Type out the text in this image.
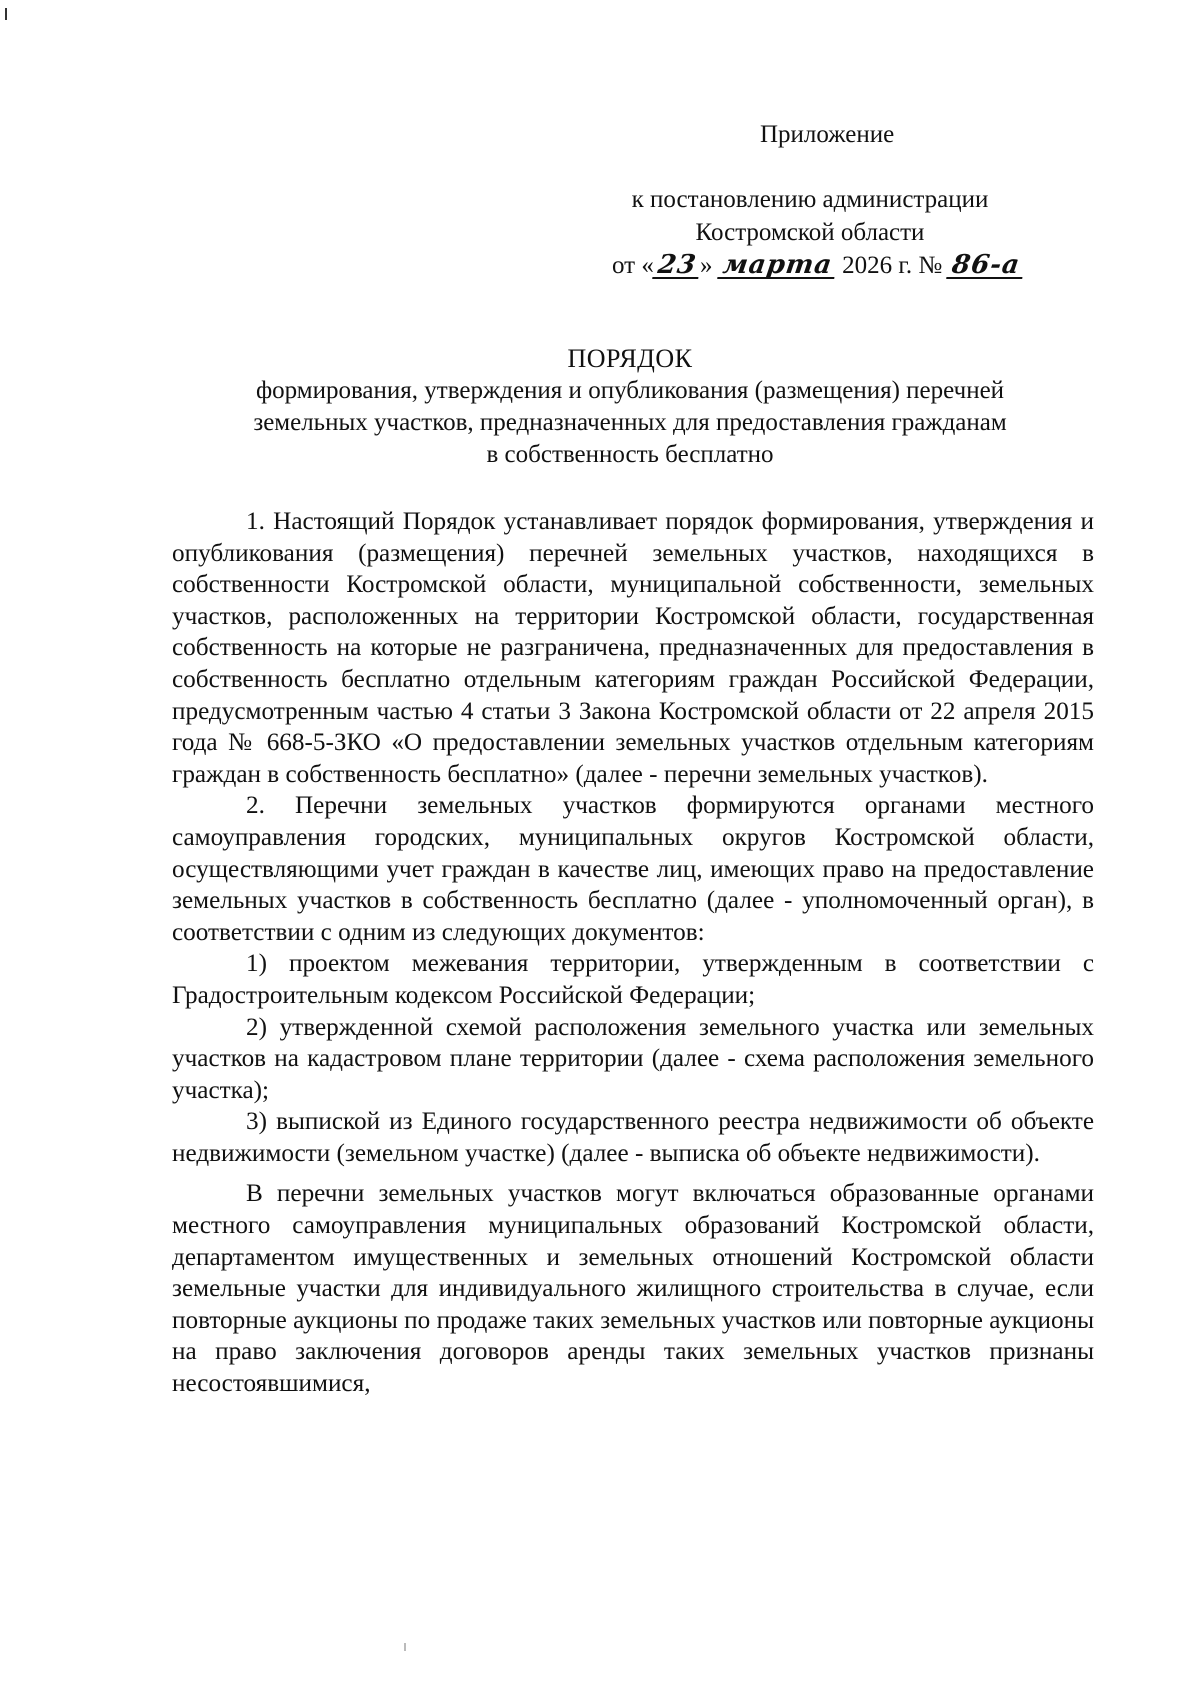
Приложение
к постановлению администрации
Костромской области
от «23» марта 2026 г. № 86-а
ПОРЯДОК
формирования, утверждения и опубликования (размещения) перечней
земельных участков, предназначенных для предоставления гражданам
в собственность бесплатно

1. Настоящий Порядок устанавливает порядок формирования, утверждения и опубликования (размещения) перечней земельных участков, находящихся в собственности Костромской области, муниципальной собственности, земельных участков, расположенных на территории Костромской области, государственная собственность на которые не разграничена, предназначенных для предоставления в собственность бесплатно отдельным категориям граждан Российской Федерации, предусмотренным частью 4 статьи 3 Закона Костромской области от 22 апреля 2015 года № 668-5-ЗКО «О предоставлении земельных участков отдельным категориям граждан в собственность бесплатно» (далее - перечни земельных участков).

2. Перечни земельных участков формируются органами местного самоуправления городских, муниципальных округов Костромской области, осуществляющими учет граждан в качестве лиц, имеющих право на предоставление земельных участков в собственность бесплатно (далее - уполномоченный орган), в соответствии с одним из следующих документов:

1) проектом межевания территории, утвержденным в соответствии с Градостроительным кодексом Российской Федерации;

2) утвержденной схемой расположения земельного участка или земельных участков на кадастровом плане территории (далее - схема расположения земельного участка);

3) выпиской из Единого государственного реестра недвижимости об объекте недвижимости (земельном участке) (далее - выписка об объекте недвижимости).

В перечни земельных участков могут включаться образованные органами местного самоуправления муниципальных образований Костромской области, департаментом имущественных и земельных отношений Костромской области земельные участки для индивидуального жилищного строительства в случае, если повторные аукционы по продаже таких земельных участков или повторные аукционы на право заключения договоров аренды таких земельных участков признаны несостоявшимися,
